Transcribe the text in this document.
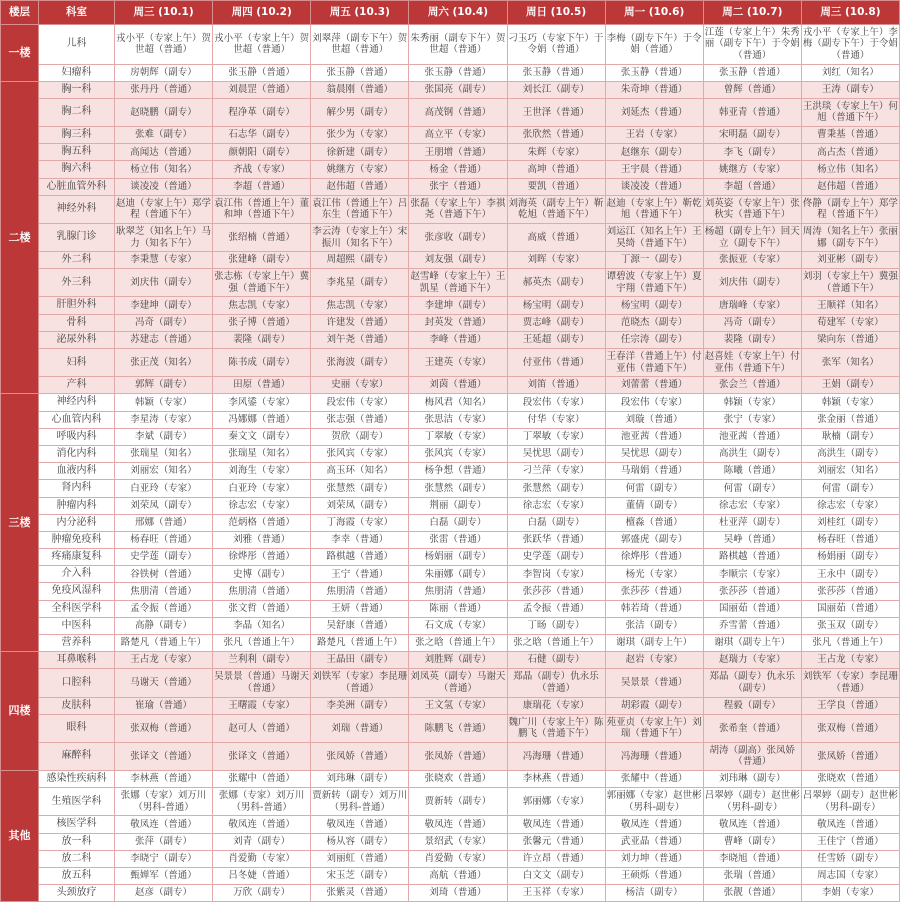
楼层	科室	周三 (10.1)	周四 (10.2)	周五 (10.3)	周六 (10.4)	周日 (10.5)	周一 (10.6)	周二 (10.7)	周三 (10.8)
一楼	儿科	戎小平（专家上午）贺世超（普通）	戎小平（专家上午）贺世超（普通）	刘翠萍（副专下午）贺世超（普通）	朱秀丽（副专下午）贺世超（普通）	刁玉巧（专家下午）于令娟（普通）	李梅（副专下午）于令娟（普通）	江莲（专家上午）朱秀丽（副专下午）于令娟（普通）	戎小平（专家上午）李梅（副专下午）于令娟（普通）
	妇瘤科	房朝辉（副专）	张玉静（普通）	张玉静（普通）	张玉静（普通）	张玉静（普通）	张玉静（普通）	张玉静（普通）	刘红（知名）
二楼	胸一科	张丹丹（普通）	刘晨罡（普通）	翁晨刚（普通）	张国亮（副专）	刘长江（副专）	朱奇坤（普通）	曾辉（普通）	王涛（副专）
	胸二科	赵晓鹏（副专）	程净革（副专）	解少男（副专）	高茂钢（普通）	王世泽（普通）	刘延杰（普通）	韩亚青（普通）	王洪琰（专家上午）何旭（普通下午）
	胸三科	张难（副专）	石志华（副专）	张少为（专家）	高立平（专家）	张欣然（普通）	王岩（专家）	宋明磊（副专）	曹秉基（普通）
	胸五科	高闻达（普通）	颜朝阳（副专）	徐新建（副专）	王朋增（普通）	朱辉（专家）	赵继东（副专）	李飞（副专）	高占杰（普通）
	胸六科	杨立伟（知名）	齐战（专家）	姚继方（专家）	杨金（普通）	高坤（普通）	王宇晨（普通）	姚继方（专家）	杨立伟（知名）
	心脏血管外科	谈凌凌（普通）	李超（普通）	赵伟超（普通）	张宇（普通）	要凯（普通）	谈凌凌（普通）	李超（普通）	赵伟超（普通）
	神经外科	赵迪（专家上午）郑学程（普通下午）	袁江伟（普通上午）董和坤（普通下午）	袁江伟（普通上午）吕东生（普通下午）	张磊（专家上午）李祺尧（普通下午）	刘海英（副专上午）靳乾旭（普通下午）	赵迪（专家上午）靳乾旭（普通下午）	刘英姿（专家上午）张秋实（普通下午）	佟静（副专上午）郑学程（普通下午）
	乳腺门诊	耿翠芝（知名上午）马力（知名下午）	张绍楠（普通）	李云涛（专家上午）宋振川（知名下午）	张彦收（副专）	高威（普通）	刘运江（知名上午）王昊绮（普通下午）	杨超（副专上午）回天立（副专下午）	周涛（知名上午）张丽娜（副专下午）
	外二科	李秉慧（专家）	张建峰（副专）	周超熙（副专）	刘友强（副专）	刘晖（专家）	丁源一（副专）	张振亚（专家）	刘亚彬（副专）
	外三科	刘庆伟（副专）	张志栋（专家上午）冀强（普通下午）	李兆星（副专）	赵雪峰（专家上午）王凯星（普通下午）	郝英杰（副专）	谭碧波（专家上午）夏宇翔（普通下午）	刘庆伟（副专）	刘羽（专家上午）冀强（普通下午）
	肝胆外科	李建坤（副专）	焦志凯（专家）	焦志凯（专家）	李建坤（副专）	杨宝明（副专）	杨宝明（副专）	唐瑞峰（专家）	王顺祥（知名）
	骨科	冯奇（副专）	张子博（普通）	许建发（普通）	封英发（普通）	贾志峰（副专）	范晓杰（副专）	冯奇（副专）	荀建军（专家）
	泌尿外科	苏建志（普通）	裴隆（副专）	刘午尧（普通）	李峰（普通）	王延超（副专）	任宗涛（副专）	裴隆（副专）	梁向东（普通）
	妇科	张正茂（知名）	陈书成（副专）	张海波（副专）	王建英（专家）	付亚伟（普通）	王春洋（普通上午）付亚伟（普通下午）	赵喜娃（专家上午）付亚伟（普通下午）	张军（知名）
	产科	郭辉（副专）	田原（普通）	史丽（专家）	刘茵（普通）	刘笛（普通）	刘蕾蕾（普通）	张会兰（普通）	王娟（副专）
三楼	神经内科	韩颖（专家）	李风鋈（专家）	段宏伟（专家）	梅风君（知名）	段宏伟（专家）	段宏伟（专家）	韩颖（专家）	韩颖（专家）
	心血管内科	李星涛（专家）	冯娜娜（普通）	张志强（普通）	张思洁（专家）	付华（专家）	刘璇（普通）	张宁（专家）	张金丽（普通）
	呼吸内科	李斌（副专）	秦文文（副专）	贺欣（副专）	丁翠敏（专家）	丁翠敏（专家）	池亚茜（普通）	池亚茜（普通）	耿楠（副专）
	消化内科	张瑞星（知名）	张瑞星（知名）	张风宾（专家）	张风宾（专家）	吴忧思（副专）	吴忧思（副专）	高洪生（副专）	高洪生（副专）
	血液内科	刘丽宏（知名）	刘海生（专家）	高玉环（知名）	杨争想（普通）	刁兰萍（专家）	马瑞娟（普通）	陈曦（普通）	刘丽宏（知名）
	肾内科	白亚玲（专家）	白亚玲（专家）	张慧然（副专）	张慧然（副专）	张慧然（副专）	何雷（副专）	何雷（副专）	何雷（副专）
	肿瘤内科	刘荣凤（副专）	徐志宏（专家）	刘荣凤（副专）	荆丽（副专）	徐志宏（专家）	董倩（副专）	徐志宏（专家）	徐志宏（专家）
	内分泌科	邢娜（普通）	范炳格（普通）	丁海霞（专家）	白磊（副专）	白磊（副专）	檀淼（普通）	杜亚萍（副专）	刘桂红（副专）
	肿瘤免疫科	杨春旺（普通）	刘雅（普通）	李幸（普通）	张雷（普通）	张跃华（普通）	郭盛虎（副专）	吴峥（普通）	杨春旺（普通）
	疼痛康复科	史学莲（副专）	徐烨彤（普通）	路棋越（普通）	杨娟丽（副专）	史学莲（副专）	徐烨彤（普通）	路棋越（普通）	杨娟丽（副专）
	介入科	谷铁树（普通）	史博（副专）	王宁（普通）	朱丽娜（副专）	李智岗（专家）	杨光（专家）	李顺宗（专家）	王永中（副专）
	免疫风湿科	焦朋清（普通）	焦朋清（普通）	焦朋清（普通）	焦朋清（普通）	张莎莎（普通）	张莎莎（普通）	张莎莎（普通）	张莎莎（普通）
	全科医学科	孟令振（普通）	张文哲（普通）	王妍（普通）	陈丽（普通）	孟令振（普通）	韩若琦（普通）	国丽茹（普通）	国丽茹（普通）
	中医科	高静（副专）	李晶（知名）	吴舒康（普通）	石文成（专家）	丁旸（副专）	张洁（副专）	乔雪蕾（普通）	张玉双（副专）
	营养科	路楚凡（普通上午）	张凡（普通上午）	路楚凡（普通上午）	张之晗（普通上午）	张之晗（普通上午）	谢琪（副专上午）	谢琪（副专上午）	张凡（普通上午）
四楼	耳鼻喉科	王占龙（专家）	兰利利（副专）	王晶田（副专）	刘胜辉（副专）	石健（副专）	赵岩（专家）	赵瑞力（专家）	王占龙（专家）
	口腔科	马谢天（普通）	吴景景（普通）马谢天（普通）	刘铁军（专家）李昆珊（普通）	刘凤英（副专）马谢天（普通）	郑晶（副专）仇永乐（普通）	吴景景（普通）	郑晶（副专）仇永乐（副专）	刘铁军（专家）李昆珊（普通）
	皮肤科	崔瑜（普通）	王曙霞（专家）	李美洲（副专）	王文氢（专家）	康瑞花（专家）	胡彩霞（副专）	程毅（副专）	王学良（普通）
	眼科	张双梅（普通）	赵可人（普通）	刘瑞（普通）	陈鹏飞（普通）	魏广川（专家上午）陈鹏飞（普通下午）	苑亚贞（专家上午）刘瑞（普通下午）	张希奎（普通）	张双梅（普通）
	麻醉科	张译文（普通）	张译文（普通）	张凤娇（普通）	张凤娇（普通）	冯海珊（普通）	冯海珊（普通）	胡涛（副高）张凤娇（普通）	张凤娇（普通）
其他	感染性疾病科	李林燕（普通）	张耀中（普通）	刘玮琳（副专）	张晓欢（普通）	李林燕（普通）	张耀中（普通）	刘玮琳（副专）	张晓欢（普通）
	生殖医学科	张娜（专家）刘万川（男科-普通）	张娜（专家）刘万川（男科-普通）	贾新转（副专）刘万川（男科-普通）	贾新转（副专）	郭丽娜（专家）	郭丽娜（专家）赵世彬（男科-副专）	吕翠婷（副专）赵世彬（男科-副专）	吕翠婷（副专）赵世彬（男科-副专）
	核医学科	敬凤连（普通）	敬凤连（普通）	敬凤连（普通）	敬凤连（普通）	敬凤连（普通）	敬凤连（普通）	敬凤连（普通）	敬凤连（普通）
	放一科	张萍（副专）	刘青（副专）	杨从容（副专）	景绍武（专家）	张馨元（普通）	武亚晶（普通）	曹峰（副专）	王佳宁（普通）
	放二科	李晓宁（副专）	肖爱勤（专家）	刘丽虹（普通）	肖爱勤（专家）	许立昂（普通）	刘力坤（普通）	李晓旭（普通）	任雪娇（副专）
	放五科	甄婵军（普通）	吕冬婕（普通）	宋玉芝（副专）	高航（普通）	白文文（副专）	王硕烁（普通）	张瑞（普通）	周志国（专家）
	头颈放疗	赵彦（副专）	万欣（副专）	张紫灵（普通）	刘琦（普通）	王玉祥（专家）	杨洁（副专）	张靓（普通）	李娟（专家）
